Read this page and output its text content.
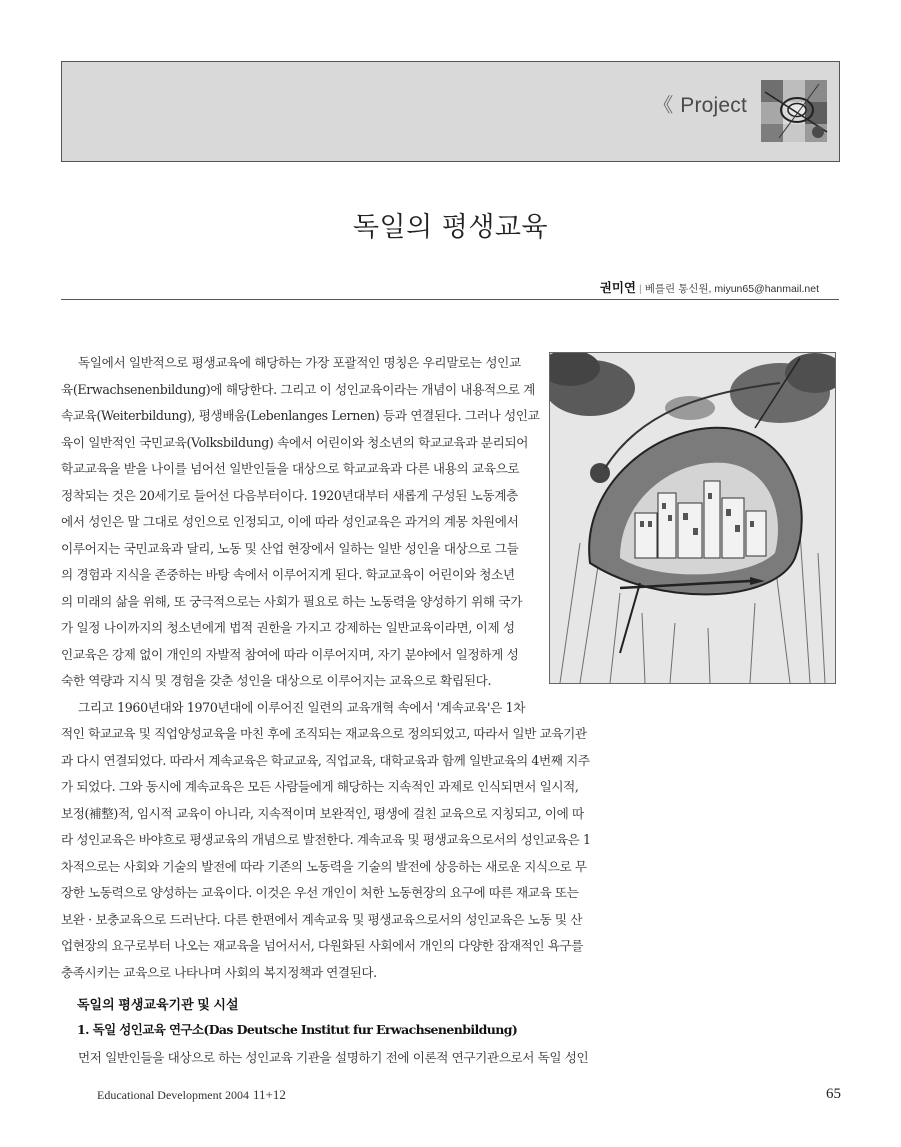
《 Project
독일의 평생교육
권미연 | 베를린 통신원, miyun65@hanmail.net
독일에서 일반적으로 평생교육에 해당하는 가장 포괄적인 명칭은 우리말로는 성인교
육(Erwachsenenbildung)에 해당한다. 그리고 이 성인교육이라는 개념이 내용적으로 계
속교육(Weiterbildung), 평생배움(Lebenlanges Lernen) 등과 연결된다. 그러나 성인교
육이 일반적인 국민교육(Volksbildung) 속에서 어린이와 청소년의 학교교육과 분리되어
학교교육을 받을 나이를 넘어선 일반인들을 대상으로 학교교육과 다른 내용의 교육으로
정착되는 것은 20세기로 들어선 다음부터이다. 1920년대부터 새롭게 구성된 노동계층
에서 성인은 말 그대로 성인으로 인정되고, 이에 따라 성인교육은 과거의 계몽 차원에서
이루어지는 국민교육과 달리, 노동 및 산업 현장에서 일하는 일반 성인을 대상으로 그들
의 경험과 지식을 존중하는 바탕 속에서 이루어지게 된다. 학교교육이 어린이와 청소년
의 미래의 삶을 위해, 또 궁극적으로는 사회가 필요로 하는 노동력을 양성하기 위해 국가
가 일정 나이까지의 청소년에게 법적 권한을 가지고 강제하는 일반교육이라면, 이제 성
인교육은 강제 없이 개인의 자발적 참여에 따라 이루어지며, 자기 분야에서 일정하게 성
숙한 역량과 지식 및 경험을 갖춘 성인을 대상으로 이루어지는 교육으로 확립된다.
그리고 1960년대와 1970년대에 이루어진 일련의 교육개혁 속에서 '계속교육'은 1차
적인 학교교육 및 직업양성교육을 마친 후에 조직되는 재교육으로 정의되었고, 따라서 일반 교육기관
과 다시 연결되었다. 따라서 계속교육은 학교교육, 직업교육, 대학교육과 함께 일반교육의 4번째 지주
가 되었다. 그와 동시에 계속교육은 모든 사람들에게 해당하는 지속적인 과제로 인식되면서 일시적,
보정(補整)적, 임시적 교육이 아니라, 지속적이며 보완적인, 평생에 걸친 교육으로 지칭되고, 이에 따
라 성인교육은 바야흐로 평생교육의 개념으로 발전한다. 계속교육 및 평생교육으로서의 성인교육은 1
차적으로는 사회와 기술의 발전에 따라 기존의 노동력을 기술의 발전에 상응하는 새로운 지식으로 무
장한 노동력으로 양성하는 교육이다. 이것은 우선 개인이 처한 노동현장의 요구에 따른 재교육 또는
보완 · 보충교육으로 드러난다. 다른 한편에서 계속교육 및 평생교육으로서의 성인교육은 노동 및 산
업현장의 요구로부터 나오는 재교육을 넘어서서, 다원화된 사회에서 개인의 다양한 잠재적인 욕구를
충족시키는 교육으로 나타나며 사회의 복지정책과 연결된다.
독일의 평생교육기관 및 시설
1. 독일 성인교육 연구소(Das Deutsche Institut fur Erwachsenenbildung)
먼저 일반인들을 대상으로 하는 성인교육 기관을 설명하기 전에 이론적 연구기관으로서 독일 성인
Educational Development 2004 11+12	65
